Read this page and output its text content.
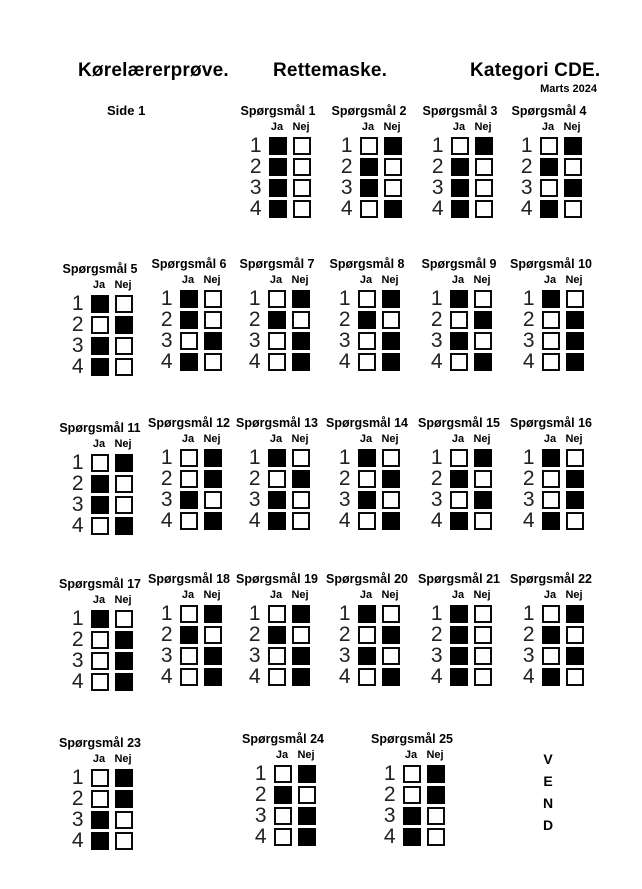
Kørelærerprøve. Rettemaske.	Kategori CDE.
Marts 2024
Side 1	Spørgsmål 1
Ja Nej
1
2
3
4
Spørgsmål 2
Ja Nej
1
2
3
4
Spørgsmål 3
Ja Nej
1
2
3
4
Spørgsmål 4
Ja Nej
1
2
3
4
Spørgsmål 5
Ja Nej
1
2
3
4
Spørgsmål 6
Ja Nej
1
2
3
4
Spørgsmål 7
Ja Nej
1
2
3
4
Spørgsmål 8
Ja Nej
1
2
3
4
Spørgsmål 9
Ja Nej
1
2
3
4
Spørgsmål 10
Ja Nej
1
2
3
4
Spørgsmål 11
Ja Nej
1
2
3
4
Spørgsmål 12
Ja Nej
1
2
3
4
Spørgsmål 13
Ja Nej
1
2
3
4
Spørgsmål 14
Ja Nej
1
2
3
4
Spørgsmål 15
Ja Nej
1
2
3
4
Spørgsmål 16
Ja Nej
1
2
3
4
Spørgsmål 17
Ja Nej
1
2
3
4
Spørgsmål 18
Ja Nej
1
2
3
4
Spørgsmål 19
Ja Nej
1
2
3
4
Spørgsmål 20
Ja Nej
1
2
3
4
Spørgsmål 21
Ja Nej
1
2
3
4
Spørgsmål 22
Ja Nej
1
2
3
4
Spørgsmål 23
Ja Nej
1
2
3
4
Spørgsmål 24
Ja Nej
1
2
3
4
Spørgsmål 25
Ja Nej
1
2
3
4
V
E
N
D
